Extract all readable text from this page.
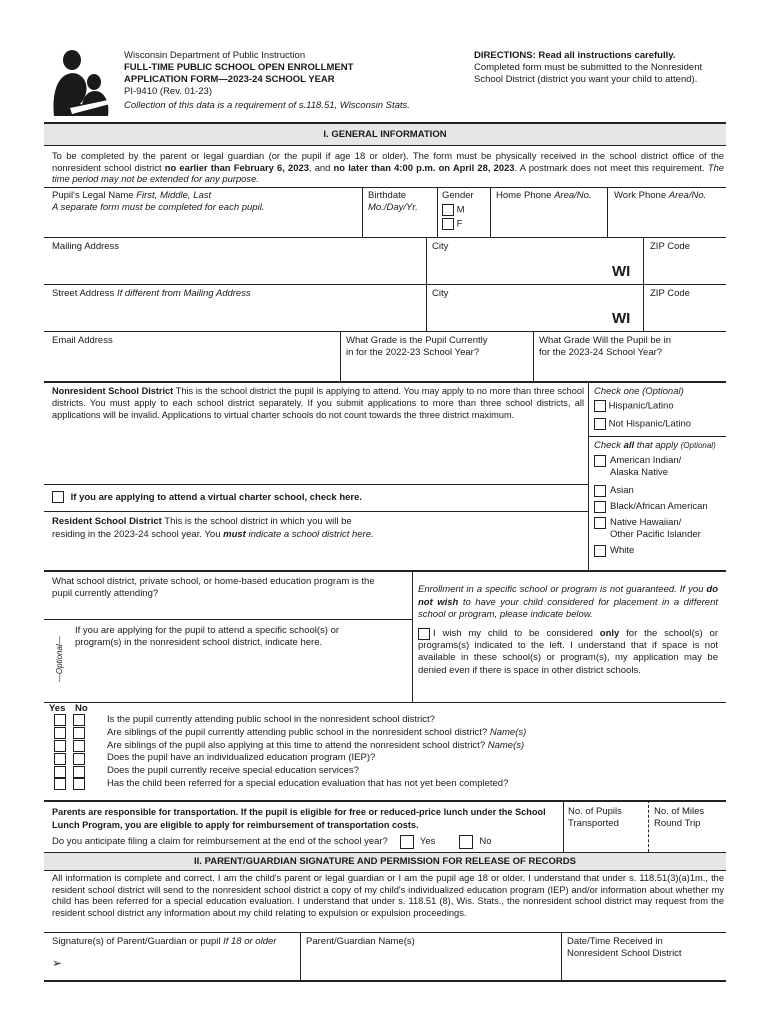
Wisconsin Department of Public Instruction
FULL-TIME PUBLIC SCHOOL OPEN ENROLLMENT
APPLICATION FORM—2023-24 SCHOOL YEAR
PI-9410 (Rev. 01-23)
Collection of this data is a requirement of s.118.51, Wisconsin Stats.
DIRECTIONS: Read all instructions carefully.
Completed form must be submitted to the Nonresident
School District (district you want your child to attend).
I. GENERAL INFORMATION
To be completed by the parent or legal guardian (or the pupil if age 18 or older). The form must be physically received in the school district office of the nonresident school district no earlier than February 6, 2023, and no later than 4:00 p.m. on April 28, 2023. A postmark does not meet this requirement. The time period may not be extended for any purpose.
Pupil's Legal Name First, Middle, Last
A separate form must be completed for each pupil.
Birthdate
Mo./Day/Yr.
Gender
M
F
Home Phone Area/No. Work Phone Area/No.
Mailing Address	City
WI
ZIP Code
Street Address If different from Mailing Address	City
WI
ZIP Code
Email Address	What Grade is the Pupil Currently
in for the 2022-23 School Year?
What Grade Will the Pupil be in
for the 2023-24 School Year?
Nonresident School District This is the school district the pupil is applying to attend. You may apply to no more than three school districts. You must apply to each school district separately. If you submit applications to more than three school districts, all applications will be invalid. Applications to virtual charter schools do not count towards the three district maximum.
If you are applying to attend a virtual charter school, check here.
Resident School District This is the school district in which you will be
residing in the 2023-24 school year. You must indicate a school district here.
Check one (Optional)
Hispanic/Latino
Not Hispanic/Latino
Check all that apply (Optional)
American Indian/
Alaska Native
Asian
Black/African American
Native Hawaiian/
Other Pacific Islander
White
What school district, private school, or home-based education program is the
pupil currently attending?
—Optional—
If you are applying for the pupil to attend a specific school(s) or
program(s) in the nonresident school district, indicate here.
Enrollment in a specific school or program is not guaranteed. If you do not wish to have your child considered for placement in a different school or program, please indicate below.
I wish my child to be considered only for the school(s) or programs(s) indicated to the left. I understand that if space is not available in these school(s) or program(s), my application may be denied even if there is space in other district schools.
Yes No
Is the pupil currently attending public school in the nonresident school district?
Are siblings of the pupil currently attending public school in the nonresident school district? Name(s)
Are siblings of the pupil also applying at this time to attend the nonresident school district? Name(s)
Does the pupil have an individualized education program (IEP)?
Does the pupil currently receive special education services?
Has the child been referred for a special education evaluation that has not yet been completed?
Parents are responsible for transportation. If the pupil is eligible for free or reduced-price lunch under the School Lunch Program, you are eligible to apply for reimbursement of transportation costs.
Do you anticipate filing a claim for reimbursement at the end of the school year?	Yes	No
No. of Pupils
Transported
No. of Miles
Round Trip
II. PARENT/GUARDIAN SIGNATURE AND PERMISSION FOR RELEASE OF RECORDS
All information is complete and correct. I am the child's parent or legal guardian or I am the pupil age 18 or older. I understand that under s. 118.51(3)(a)1m., the resident school district will send to the nonresident school district a copy of my child's individualized education program (IEP) and/or information about whether my child has been referred for a special education evaluation. I understand that under s. 118.51 (8), Wis. Stats., the nonresident school district may request from the resident school district any information about my child relating to expulsion or expulsion proceedings.
Signature(s) of Parent/Guardian or pupil If 18 or older
➢
Parent/Guardian Name(s)	Date/Time Received in
Nonresident School District
